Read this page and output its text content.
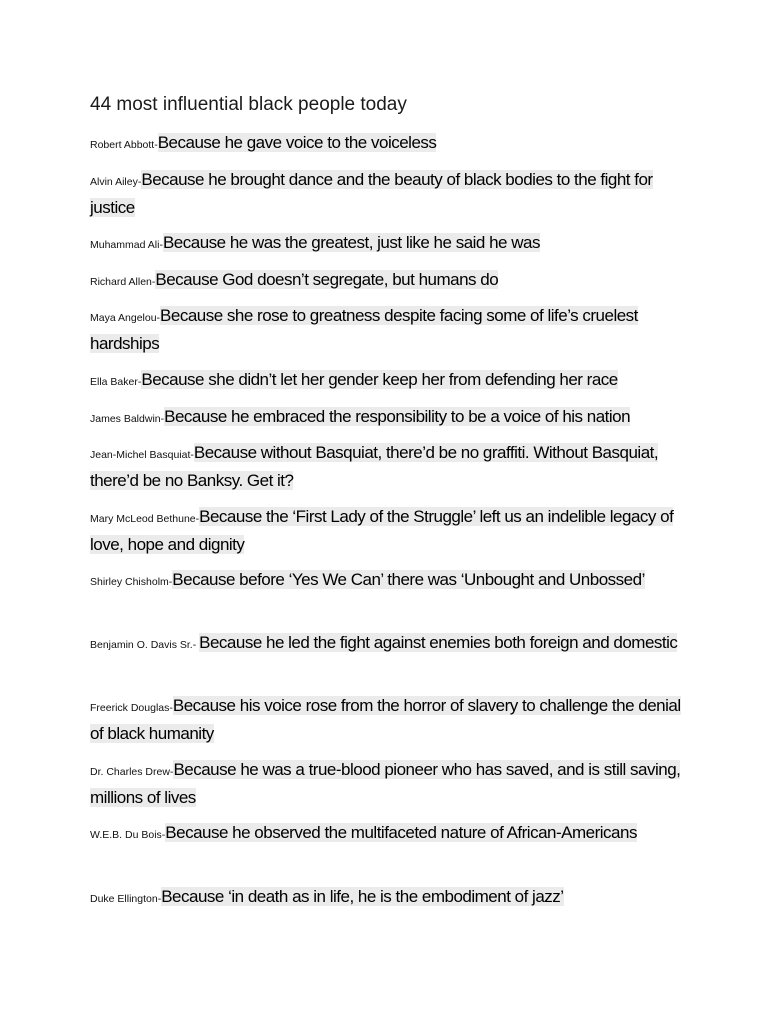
44 most influential black people today
Robert Abbott-Because he gave voice to the voiceless
Alvin Ailey-Because he brought dance and the beauty of black bodies to the fight for justice
Muhammad Ali-Because he was the greatest, just like he said he was
Richard Allen-Because God doesn’t segregate, but humans do
Maya Angelou-Because she rose to greatness despite facing some of life’s cruelest hardships
Ella Baker-Because she didn’t let her gender keep her from defending her race
James Baldwin-Because he embraced the responsibility to be a voice of his nation
Jean-Michel Basquiat-Because without Basquiat, there’d be no graffiti. Without Basquiat, there’d be no Banksy. Get it?
Mary McLeod Bethune-Because the ‘First Lady of the Struggle’ left us an indelible legacy of love, hope and dignity
Shirley Chisholm-Because before ‘Yes We Can’ there was ‘Unbought and Unbossed’
Benjamin O. Davis Sr.- Because he led the fight against enemies both foreign and domestic
Freerick Douglas-Because his voice rose from the horror of slavery to challenge the denial of black humanity
Dr. Charles Drew-Because he was a true-blood pioneer who has saved, and is still saving, millions of lives
W.E.B. Du Bois-Because he observed the multifaceted nature of African-Americans
Duke Ellington-Because ‘in death as in life, he is the embodiment of jazz’
